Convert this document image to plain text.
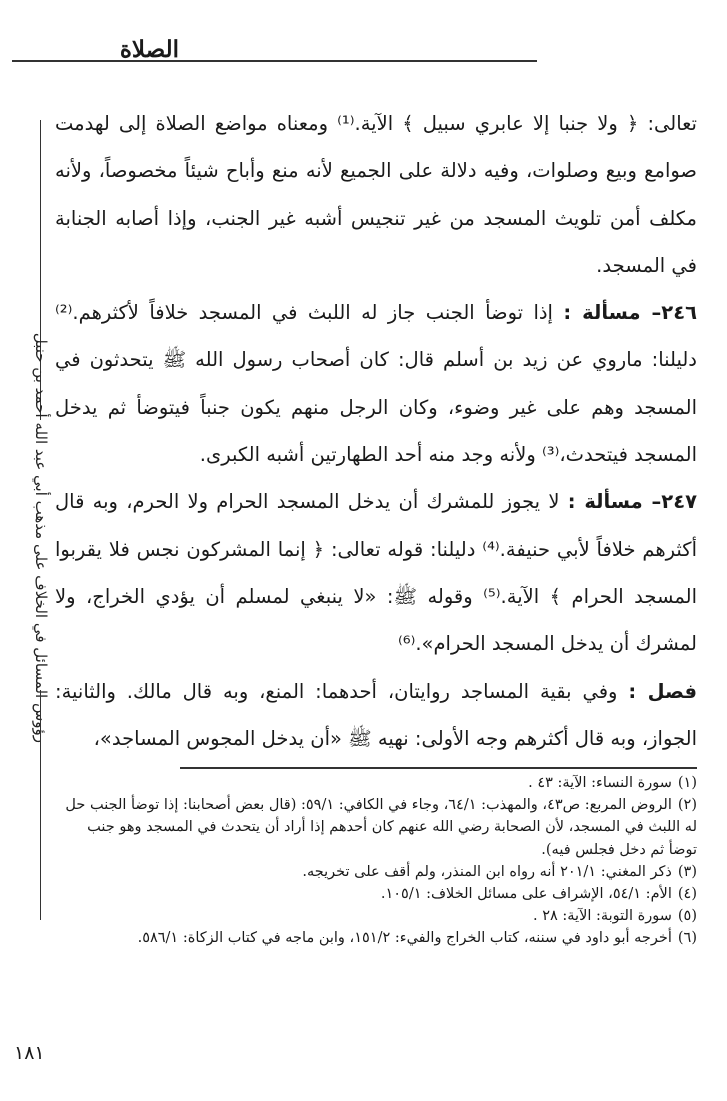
الصلاة
رؤوس المسائل في الخلاف على مذهب أبي عبد الله أحمد بن حنبل

تعالى: ﴿ ولا جنبا إلا عابري سبيل ﴾ الآية.⁽¹⁾ ومعناه مواضع الصلاة إلى لهدمت صوامع وبيع وصلوات، وفيه دلالة على الجميع لأنه منع وأباح شيئاً مخصوصاً، ولأنه مكلف أمن تلويث المسجد من غير تنجيس أشبه غير الجنب، وإذا أصابه الجنابة في المسجد.

٢٤٦– مسألة : إذا توضأ الجنب جاز له اللبث في المسجد خلافاً لأكثرهم.⁽²⁾ دليلنا: ماروي عن زيد بن أسلم قال: كان أصحاب رسول الله ﷺ يتحدثون في المسجد وهم على غير وضوء، وكان الرجل منهم يكون جنباً فيتوضأ ثم يدخل المسجد فيتحدث،⁽³⁾ ولأنه وجد منه أحد الطهارتين أشبه الكبرى.

٢٤٧– مسألة : لا يجوز للمشرك أن يدخل المسجد الحرام ولا الحرم، وبه قال أكثرهم خلافاً لأبي حنيفة.⁽⁴⁾ دليلنا: قوله تعالى: ﴿ إنما المشركون نجس فلا يقربوا المسجد الحرام ﴾ الآية.⁽⁵⁾ وقوله ﷺ: «لا ينبغي لمسلم أن يؤدي الخراج، ولا لمشرك أن يدخل المسجد الحرام».⁽⁶⁾

فصل : وفي بقية المساجد روايتان، أحدهما: المنع، وبه قال مالك. والثانية: الجواز، وبه قال أكثرهم وجه الأولى: نهيه ﷺ «أن يدخل المجوس المساجد»،

(١)سورة النساء: الآية: ٤٣ .

(٢)الروض المربع: ص٤٣، والمهذب: ٦٤/١، وجاء في الكافي: ٥٩/١: (قال بعض أصحابنا: إذا توضأ الجنب حل له اللبث في المسجد، لأن الصحابة رضي الله عنهم كان أحدهم إذا أراد أن يتحدث في المسجد وهو جنب توضأ ثم دخل فجلس فيه).

(٣)ذكر المغني: ٢٠١/١ أنه رواه ابن المنذر، ولم أقف على تخريجه.

(٤)الأم: ٥٤/١، الإشراف على مسائل الخلاف: ١٠٥/١.

(٥)سورة التوبة: الآية: ٢٨ .

(٦)أخرجه أبو داود في سننه، كتاب الخراج والفيء: ١٥١/٢، وابن ماجه في كتاب الزكاة: ٥٨٦/١.

١٨١
